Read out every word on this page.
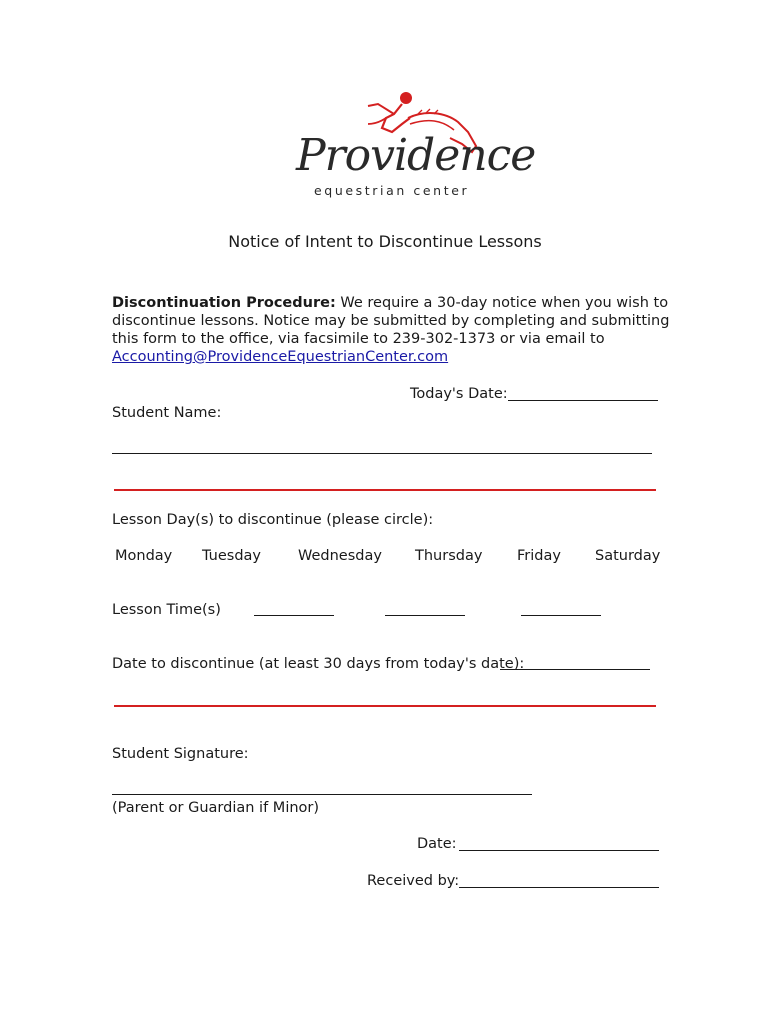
Providence
equestrian center
Notice of Intent to Discontinue Lessons
Discontinuation Procedure: We require a 30-day notice when you wish to discontinue lessons. Notice may be submitted by completing and submitting this form to the office, via facsimile to 239-302-1373 or via email to Accounting@ProvidenceEquestrianCenter.com
Today's Date:
Student Name:
Lesson Day(s) to discontinue (please circle):
Monday Tuesday	Wednesday Thursday Friday Saturday
Lesson Time(s)
Date to discontinue (at least 30 days from today's date):
Student Signature:
(Parent or Guardian if Minor)
Date:
Received by:
